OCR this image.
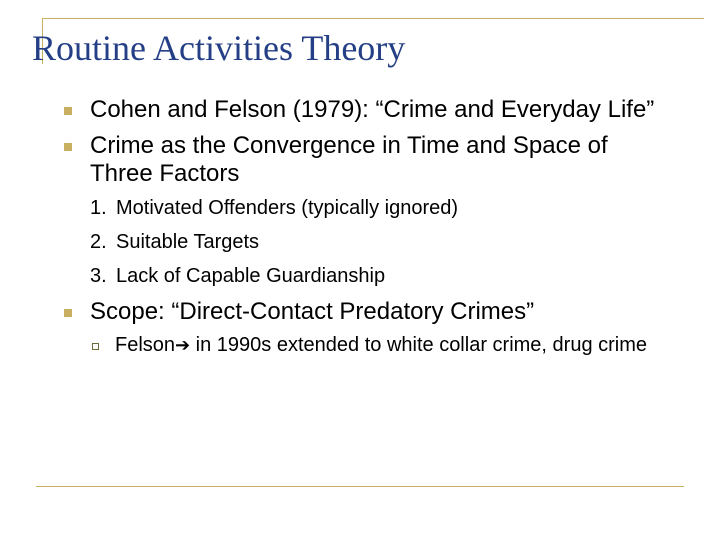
Routine Activities Theory
Cohen and Felson (1979): “Crime and Everyday Life”
Crime as the Convergence in Time and Space of Three Factors
1. Motivated Offenders (typically ignored)
2. Suitable Targets
3. Lack of Capable Guardianship
Scope: “Direct-Contact Predatory Crimes”
Felson➔ in 1990s extended to white collar crime, drug crime
